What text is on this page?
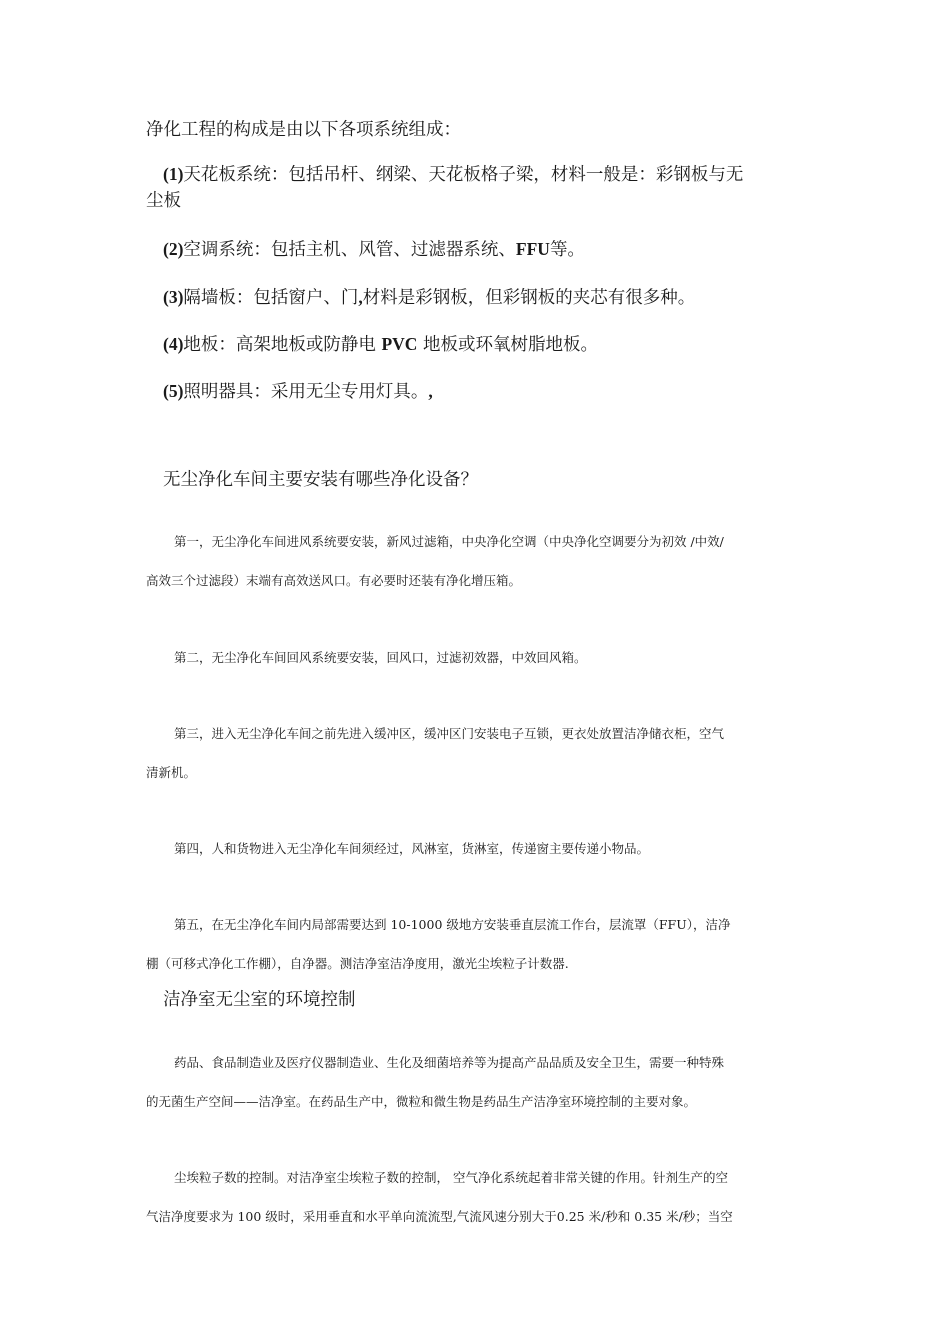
净化工程的构成是由以下各项系统组成：

(1)天花板系统：包括吊杆、纲梁、天花板格子梁，材料一般是：彩钢板与无

尘板

(2)空调系统：包括主机、风管、过滤器系统、FFU等。

(3)隔墙板：包括窗户、门,材料是彩钢板，但彩钢板的夹芯有很多种。

(4)地板：高架地板或防静电 PVC 地板或环氧树脂地板。

(5)照明器具：采用无尘专用灯具。,

无尘净化车间主要安装有哪些净化设备？

第一，无尘净化车间进风系统要安装，新风过滤箱，中央净化空调（中央净化空调要分为初效 /中效/

高效三个过滤段）末端有高效送风口。有必要时还装有净化增压箱。

第二，无尘净化车间回风系统要安装，回风口，过滤初效器，中效回风箱。

第三，进入无尘净化车间之前先进入缓冲区，缓冲区门安装电子互锁，更衣处放置洁净储衣柜，空气

清新机。

第四，人和货物进入无尘净化车间须经过，风淋室，货淋室，传递窗主要传递小物品。

第五，在无尘净化车间内局部需要达到 10-1000 级地方安装垂直层流工作台，层流罩（FFU），洁净

棚（可移式净化工作棚），自净器。测洁净室洁净度用，激光尘埃粒子计数器.

洁净室无尘室的环境控制

药品、食品制造业及医疗仪器制造业、生化及细菌培养等为提高产品品质及安全卫生，需要一种特殊

的无菌生产空间——洁净室。在药品生产中，微粒和微生物是药品生产洁净室环境控制的主要对象。

尘埃粒子数的控制。对洁净室尘埃粒子数的控制， 空气净化系统起着非常关键的作用。针剂生产的空

气洁净度要求为 100 级时，采用垂直和水平单向流流型,气流风速分别大于0.25 米/秒和 0.35 米/秒；当空
